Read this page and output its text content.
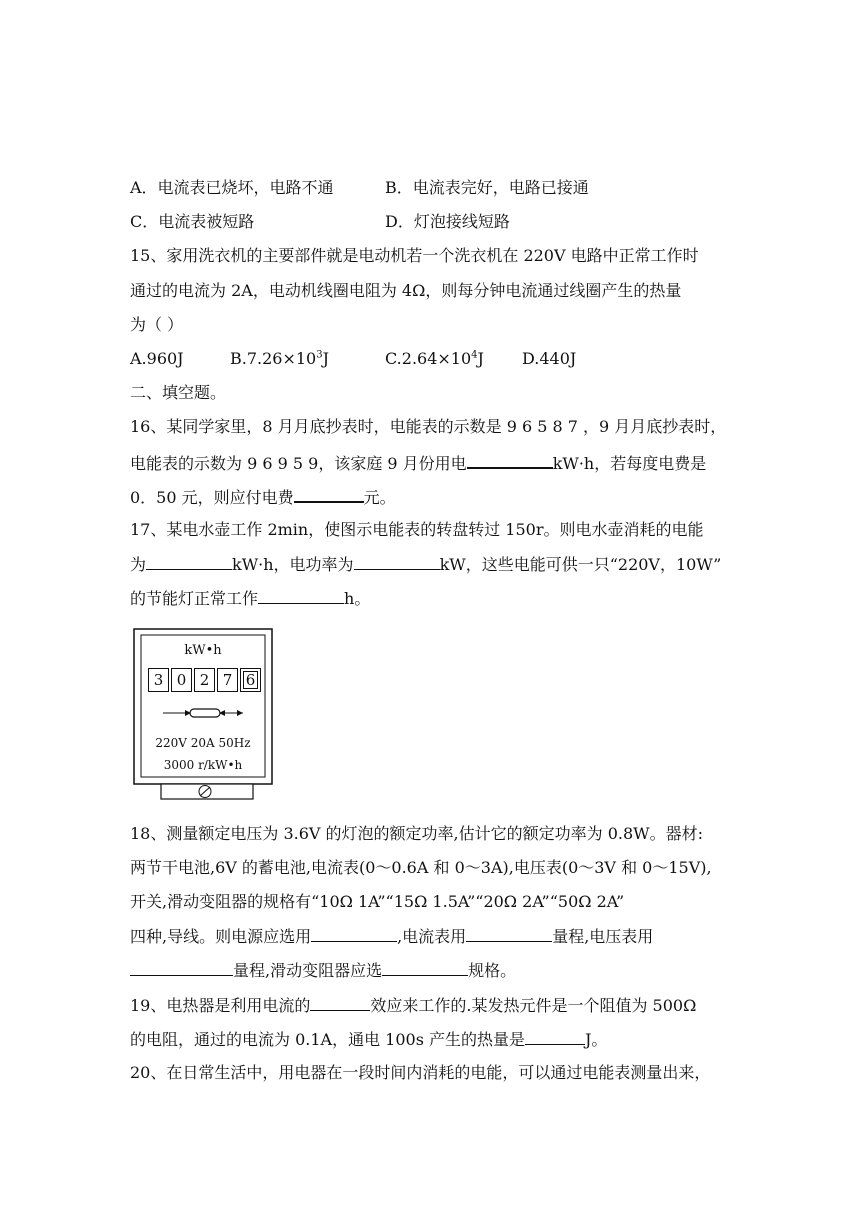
A．电流表已烧坏，电路不通	B．电流表完好，电路已接通
C．电流表被短路	D．灯泡接线短路
15、家用洗衣机的主要部件就是电动机若一个洗衣机在 220V 电路中正常工作时
通过的电流为 2A，电动机线圈电阻为 4Ω，则每分钟电流通过线圈产生的热量
为（ ）
A.960J	$B.7.26\times 10^3J$	$C.2.64\times 10^4J$ D.440J
二、填空题。
16、某同学家里，8 月月底抄表时，电能表的示数是 9 6 5 8 7 ，9 月月底抄表时，
电能表的示数为 9 6 9 5 9，该家庭 9 月份用电	kW·h，若每度电费是
0．50 元，则应付电费	元。
17、某电水壶工作 2min，使图示电能表的转盘转过 150r。则电水壶消耗的电能
为	kW·h，电功率为	kW，这些电能可供一只“220V，10W”
的节能灯正常工作	h。
kW•h
3 0 2 7 6
220V 20A 50Hz
3000 r/kW•h
18、测量额定电压为 3.6V 的灯泡的额定功率,估计它的额定功率为 0.8W。器材:
两节干电池,6V 的蓄电池,电流表(0～0.6A 和 0～3A),电压表(0～3V 和 0～15V),
开关,滑动变阻器的规格有“10Ω 1A”“15Ω 1.5A”“20Ω 2A”“50Ω 2A”
四种,导线。则电源应选用	,电流表用	量程,电压表用
量程,滑动变阻器应选	规格。
19、电热器是利用电流的	效应来工作的.某发热元件是一个阻值为 500Ω
的电阻，通过的电流为 0.1A，通电 100s 产生的热量是	J。
20、在日常生活中，用电器在一段时间内消耗的电能，可以通过电能表测量出来，
